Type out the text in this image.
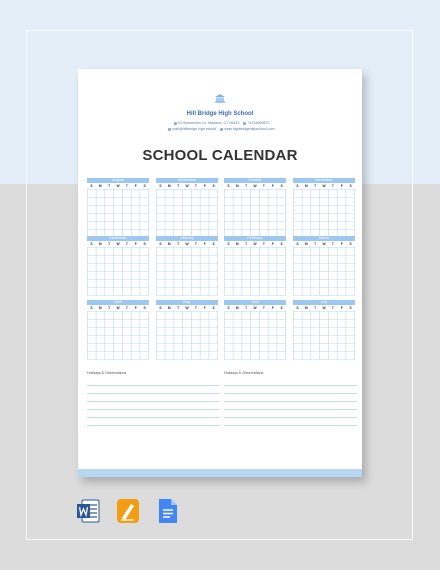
Hill Bridge High School
10 Hunnenhen Ln, Madison, CT 06443 +1234569872
mail@hillbridge high school www.highbridgehighschool.com
SCHOOL CALENDAR
August
S	M	T	W	T	F	S
September
S	M	T	W	T	F	S
October
S	M	T	W	T	F	S
November
S	M	T	W	T	F	S
December
S	M	T	W	T	F	S
January
S	M	T	W	T	F	S
February
S	M	T	W	T	F	S
March
S	M	T	W	T	F	S
April
S	M	T	W	T	F	S
May
S	M	T	W	T	F	S
June
S	M	T	W	T	F	S
July
S	M	T	W	T	F	S
Holidays & Observations	Holidays & Observations
